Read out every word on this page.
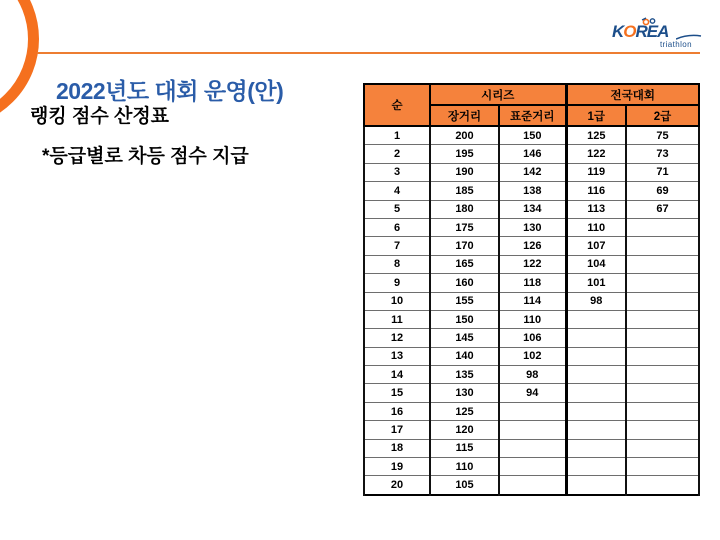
KOREA
triathlon
2022년도 대회 운영(안)
랭킹 점수 산정표
*등급별로 차등 점수 지급
순	시리즈		전국대회	
	장거리	표준거리	1급	2급
1	200	150	125	75
2	195	146	122	73
3	190	142	119	71
4	185	138	116	69
5	180	134	113	67
6	175	130	110	
7	170	126	107	
8	165	122	104	
9	160	118	101	
10	155	114	98	
11	150	110		
12	145	106		
13	140	102		
14	135	98		
15	130	94		
16	125			
17	120			
18	115			
19	110			
20	105			
